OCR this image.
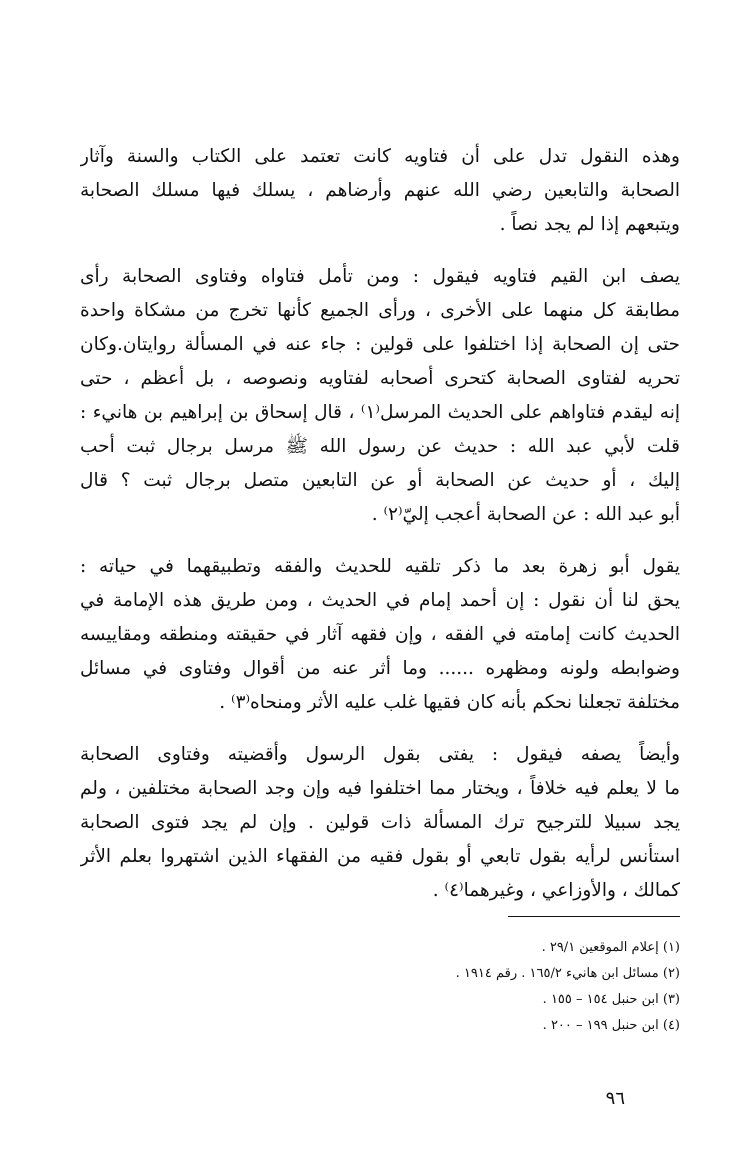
وهذه النقول تدل على أن فتاويه كانت تعتمد على الكتاب والسنة وآثار
الصحابة والتابعين رضي الله عنهم وأرضاهم ، يسلك فيها مسلك الصحابة
ويتبعهم إذا لم يجد نصاً .

يصف ابن القيم فتاويه فيقول : ومن تأمل فتاواه وفتاوى الصحابة رأى
مطابقة كل منهما على الأخرى ، ورأى الجميع كأنها تخرج من مشكاة واحدة
حتى إن الصحابة إذا اختلفوا على قولين : جاء عنه في المسألة روايتان.وكان
تحريه لفتاوى الصحابة كتحرى أصحابه لفتاويه ونصوصه ، بل أعظم ، حتى
إنه ليقدم فتاواهم على الحديث المرسل⁽١⁾ ، قال إسحاق بن إبراهيم بن هانيء :
قلت لأبي عبد الله : حديث عن رسول الله ﷺ مرسل برجال ثبت أحب
إليك ، أو حديث عن الصحابة أو عن التابعين متصل برجال ثبت ؟ قال
أبو عبد الله : عن الصحابة أعجب إليّ⁽٢⁾ .

يقول أبو زهرة بعد ما ذكر تلقيه للحديث والفقه وتطبيقهما في حياته :
يحق لنا أن نقول : إن أحمد إمام في الحديث ، ومن طريق هذه الإمامة في
الحديث كانت إمامته في الفقه ، وإن فقهه آثار في حقيقته ومنطقه ومقاييسه
وضوابطه ولونه ومظهره ...... وما أثر عنه من أقوال وفتاوى في مسائل
مختلفة تجعلنا نحكم بأنه كان فقيها غلب عليه الأثر ومنحاه⁽٣⁾ .

وأيضاً يصفه فيقول : يفتى بقول الرسول وأقضيته وفتاوى الصحابة
ما لا يعلم فيه خلافاً ، ويختار مما اختلفوا فيه وإن وجد الصحابة مختلفين ، ولم
يجد سبيلا للترجيح ترك المسألة ذات قولين . وإن لم يجد فتوى الصحابة
استأنس لرأيه بقول تابعي أو بقول فقيه من الفقهاء الذين اشتهروا بعلم الأثر
كمالك ، والأوزاعي ، وغيرهما⁽٤⁾ .

(١) إعلام الموقعين ٢٩/١ .
(٢) مسائل ابن هانيء ١٦٥/٢ . رقم ١٩١٤ .
(٣) ابن حنبل ١٥٤ – ١٥٥ .
(٤) ابن حنبل ١٩٩ – ٢٠٠ .
٩٦
